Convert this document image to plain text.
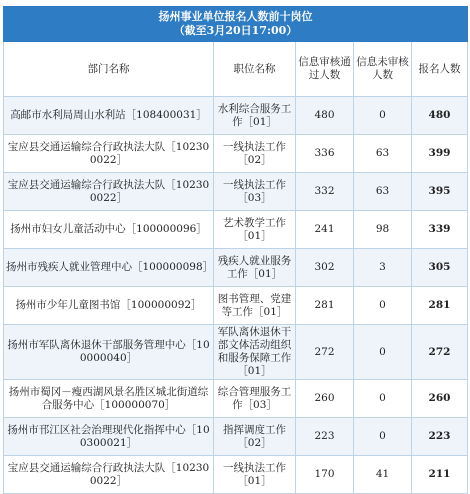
扬州事业单位报名人数前十岗位
（截至3月20日17:00）				

部门名称	职位名称	信息审核通过人数	信息未审核人数	报名人数
高邮市水利局周山水利站［108400031］	水利综合服务工作［01］	480	0	480
宝应县交通运输综合行政执法大队［102300022］	一线执法工作［02］	336	63	399
宝应县交通运输综合行政执法大队［102300022］	一线执法工作［03］	332	63	395
扬州市妇女儿童活动中心［100000096］	艺术教学工作［01］	241	98	339
扬州市残疾人就业管理中心［100000098］	残疾人就业服务工作［01］	302	3	305
扬州市少年儿童图书馆［100000092］	图书管理、党建等工作［01］	281	0	281
扬州市军队离休退休干部服务管理中心［100000040］	军队离休退休干部文体活动组织和服务保障工作［01］	272	0	272
扬州市蜀冈－瘦西湖风景名胜区城北街道综合服务中心［100000070］	综合管理服务工作［03］	260	0	260
扬州市邗江区社会治理现代化指挥中心［100300021］	指挥调度工作［02］	223	0	223
宝应县交通运输综合行政执法大队［102300022］	一线执法工作［01］	170	41	211
